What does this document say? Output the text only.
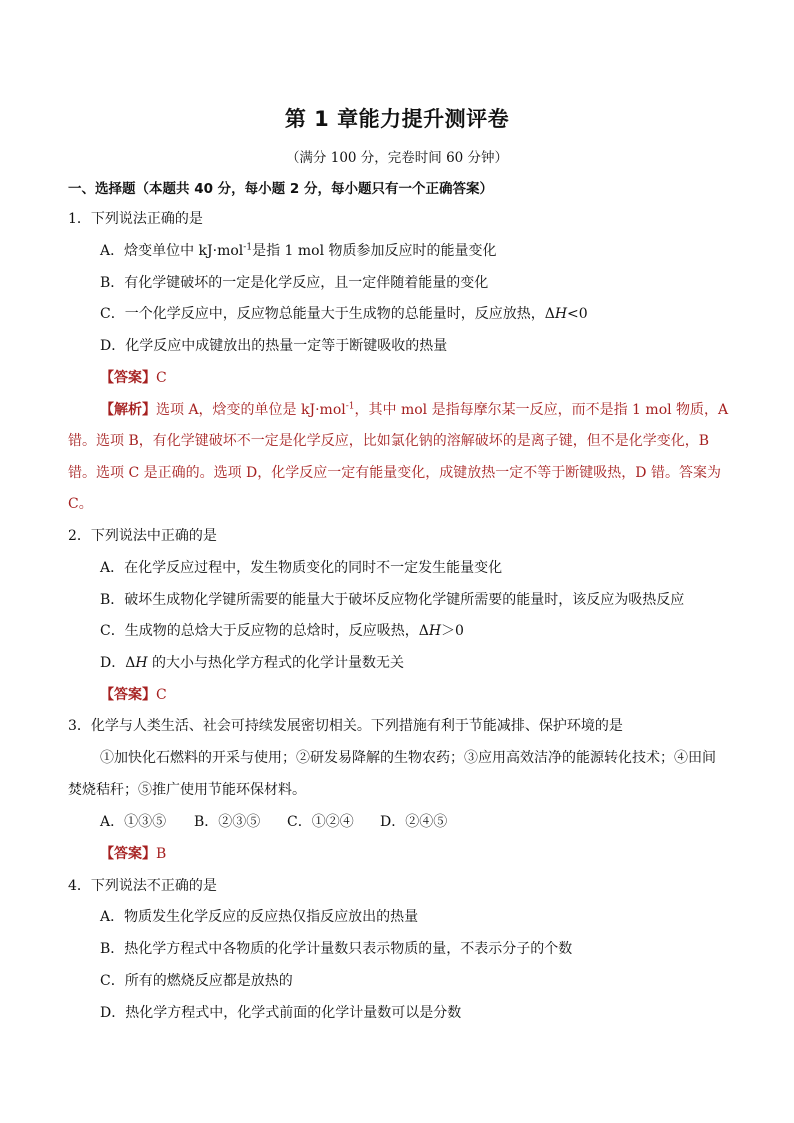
第 1 章能力提升测评卷
（满分 100 分，完卷时间 60 分钟）
一、选择题（本题共 40 分，每小题 2 分，每小题只有一个正确答案）
1．下列说法正确的是
A．焓变单位中 kJ·mol$^{-1}$是指 1 mol 物质参加反应时的能量变化
B．有化学键破坏的一定是化学反应，且一定伴随着能量的变化
C．一个化学反应中，反应物总能量大于生成物的总能量时，反应放热，ΔH<0
D．化学反应中成键放出的热量一定等于断键吸收的热量
【答案】C
【解析】选项 A，焓变的单位是 kJ·mol$^{-1}$，其中 mol 是指每摩尔某一反应，而不是指 1 mol 物质，A
错。选项 B，有化学键破坏不一定是化学反应，比如氯化钠的溶解破坏的是离子键，但不是化学变化，B
错。选项 C 是正确的。选项 D，化学反应一定有能量变化，成键放热一定不等于断键吸热，D 错。答案为
C。
2．下列说法中正确的是
A．在化学反应过程中，发生物质变化的同时不一定发生能量变化
B．破坏生成物化学键所需要的能量大于破坏反应物化学键所需要的能量时，该反应为吸热反应
C．生成物的总焓大于反应物的总焓时，反应吸热，ΔH＞0
D．ΔH 的大小与热化学方程式的化学计量数无关
【答案】C
3．化学与人类生活、社会可持续发展密切相关。下列措施有利于节能减排、保护环境的是
①加快化石燃料的开采与使用；②研发易降解的生物农药；③应用高效洁净的能源转化技术；④田间
焚烧秸秆；⑤推广使用节能环保材料。
A．①③⑤ B．②③⑤ C．①②④ D．②④⑤
【答案】B
4．下列说法不正确的是
A．物质发生化学反应的反应热仅指反应放出的热量
B．热化学方程式中各物质的化学计量数只表示物质的量，不表示分子的个数
C．所有的燃烧反应都是放热的
D．热化学方程式中，化学式前面的化学计量数可以是分数
